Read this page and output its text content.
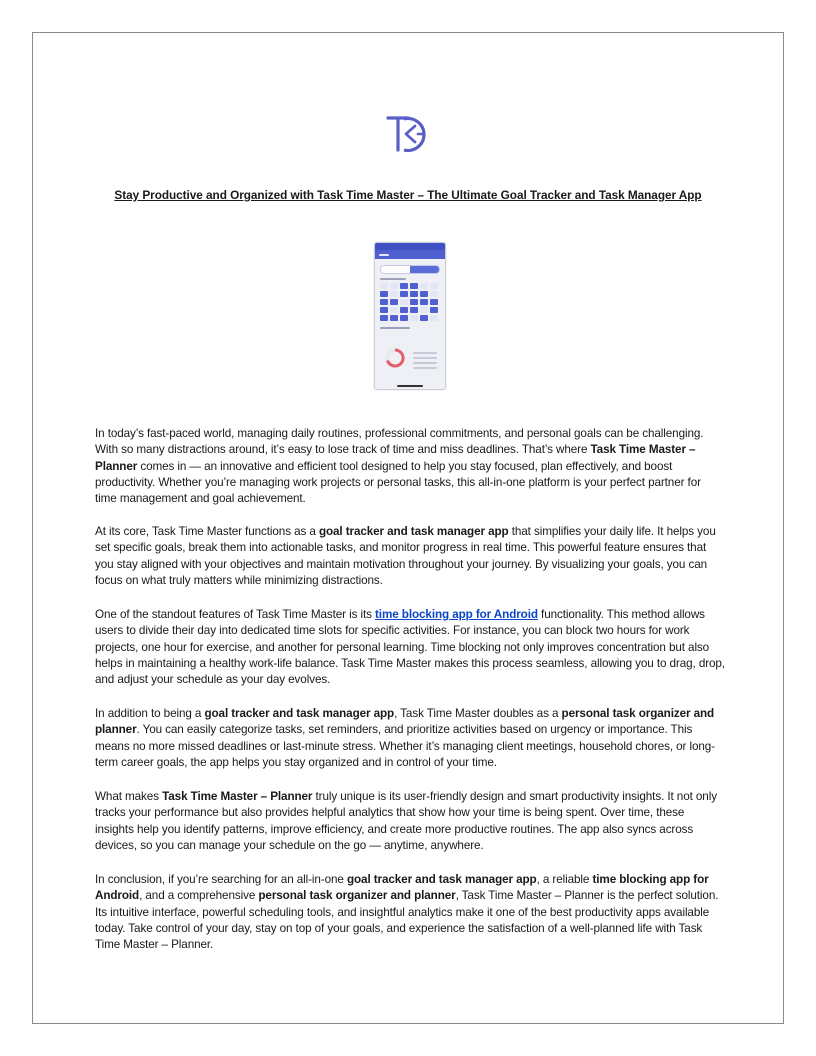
Stay Productive and Organized with Task Time Master – The Ultimate Goal Tracker and Task Manager App

In today’s fast-paced world, managing daily routines, professional commitments, and personal goals can be challenging. With so many distractions around, it’s easy to lose track of time and miss deadlines. That’s where Task Time Master – Planner comes in — an innovative and efficient tool designed to help you stay focused, plan effectively, and boost productivity. Whether you’re managing work projects or personal tasks, this all-in-one platform is your perfect partner for time management and goal achievement.

At its core, Task Time Master functions as a goal tracker and task manager app that simplifies your daily life. It helps you set specific goals, break them into actionable tasks, and monitor progress in real time. This powerful feature ensures that you stay aligned with your objectives and maintain motivation throughout your journey. By visualizing your goals, you can focus on what truly matters while minimizing distractions.

One of the standout features of Task Time Master is its time blocking app for Android functionality. This method allows users to divide their day into dedicated time slots for specific activities. For instance, you can block two hours for work projects, one hour for exercise, and another for personal learning. Time blocking not only improves concentration but also helps in maintaining a healthy work-life balance. Task Time Master makes this process seamless, allowing you to drag, drop, and adjust your schedule as your day evolves.

In addition to being a goal tracker and task manager app, Task Time Master doubles as a personal task organizer and planner. You can easily categorize tasks, set reminders, and prioritize activities based on urgency or importance. This means no more missed deadlines or last-minute stress. Whether it’s managing client meetings, household chores, or long-term career goals, the app helps you stay organized and in control of your time.

What makes Task Time Master – Planner truly unique is its user-friendly design and smart productivity insights. It not only tracks your performance but also provides helpful analytics that show how your time is being spent. Over time, these insights help you identify patterns, improve efficiency, and create more productive routines. The app also syncs across devices, so you can manage your schedule on the go — anytime, anywhere.

In conclusion, if you’re searching for an all-in-one goal tracker and task manager app, a reliable time blocking app for Android, and a comprehensive personal task organizer and planner, Task Time Master – Planner is the perfect solution. Its intuitive interface, powerful scheduling tools, and insightful analytics make it one of the best productivity apps available today. Take control of your day, stay on top of your goals, and experience the satisfaction of a well-planned life with Task Time Master – Planner.
